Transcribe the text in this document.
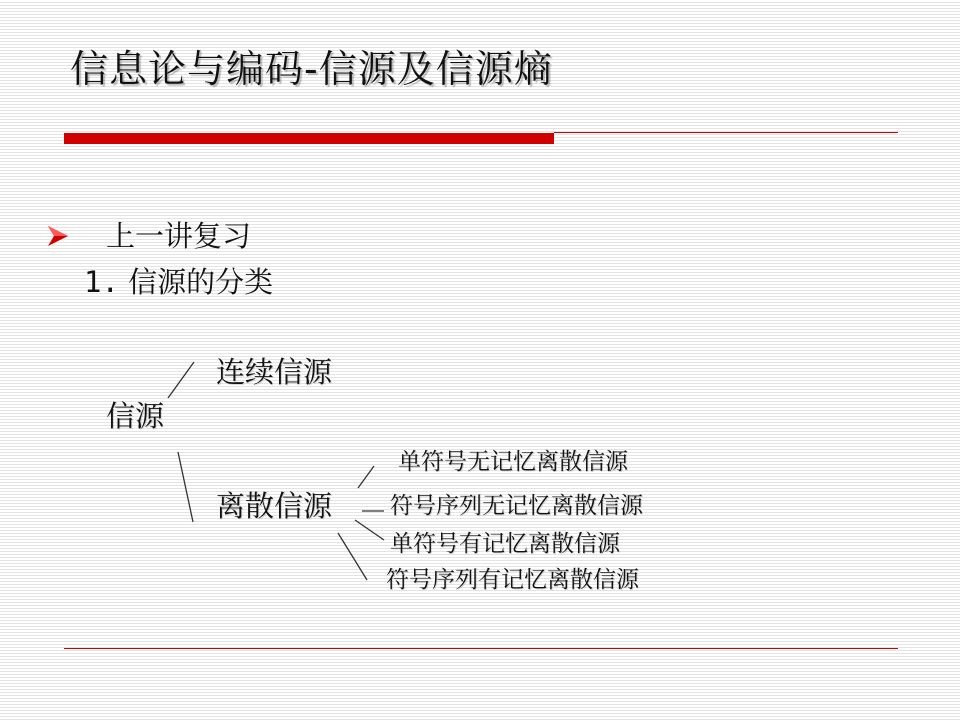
信息论与编码-信源及信源熵
上一讲复习
1. 信源的分类
信源
连续信源
离散信源
单符号无记忆离散信源
符号序列无记忆离散信源
单符号有记忆离散信源
符号序列有记忆离散信源
